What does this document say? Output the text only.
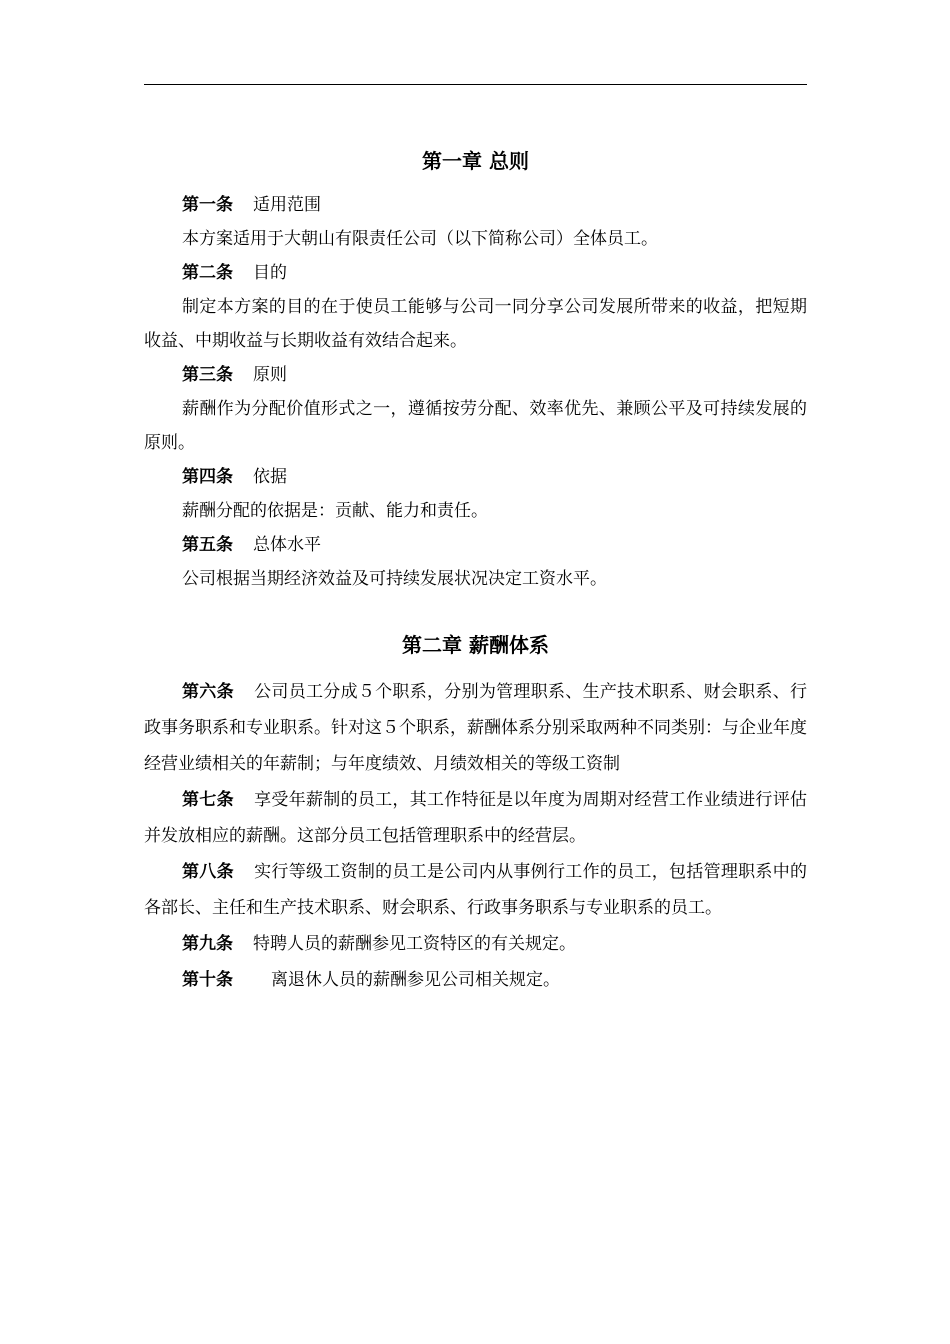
第一章 总则

第一条 适用范围

本方案适用于大朝山有限责任公司（以下简称公司）全体员工。

第二条 目的

制定本方案的目的在于使员工能够与公司一同分享公司发展所带来的收益，把短期收益、中期收益与长期收益有效结合起来。

第三条 原则

薪酬作为分配价值形式之一，遵循按劳分配、效率优先、兼顾公平及可持续发展的原则。

第四条 依据

薪酬分配的依据是：贡献、能力和责任。

第五条 总体水平

公司根据当期经济效益及可持续发展状况决定工资水平。

第二章 薪酬体系

第六条 公司员工分成５个职系，分别为管理职系、生产技术职系、财会职系、行政事务职系和专业职系。针对这５个职系，薪酬体系分别采取两种不同类别：与企业年度经营业绩相关的年薪制；与年度绩效、月绩效相关的等级工资制

第七条 享受年薪制的员工，其工作特征是以年度为周期对经营工作业绩进行评估并发放相应的薪酬。这部分员工包括管理职系中的经营层。

第八条 实行等级工资制的员工是公司内从事例行工作的员工，包括管理职系中的各部长、主任和生产技术职系、财会职系、行政事务职系与专业职系的员工。

第九条 特聘人员的薪酬参见工资特区的有关规定。

第十条 离退休人员的薪酬参见公司相关规定。
